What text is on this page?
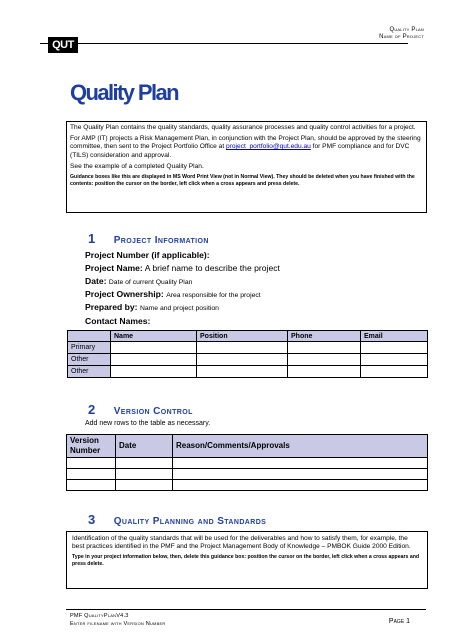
Quality Plan
Name of Project
QUT
Quality Plan

The Quality Plan contains the quality standards, quality assurance processes and quality control activities for a project.

For AMP (IT) projects a Risk Management Plan, in conjunction with the Project Plan, should be approved by the steering committee, then sent to the Project Portfolio Office at project_portfolio@qut.edu.au for PMF compliance and for DVC (TILS) consideration and approval.

See the example of a completed Quality Plan.

Guidance boxes like this are displayed in MS Word Print View (not in Normal View). They should be deleted when you have finished with the contents: position the cursor on the border, left click when a cross appears and press delete.

1 Project Information
Project Number (if applicable):
Project Name: A brief name to describe the project
Date: Date of current Quality Plan
Project Ownership: Area responsible for the project
Prepared by: Name and project position
Contact Names:
	Name	Position	Phone	Email
Primary				
Other				
Other				
2 Version Control
Add new rows to the table as necessary.
Version
Number	Date	Reason/Comments/Approvals

3 Quality Planning and Standards

Identification of the quality standards that will be used for the deliverables and how to satisfy them, for example, the best practices identified in the PMF and the Project Management Body of Knowledge – PMBOK Guide 2000 Edition.

Type in your project information below, then, delete this guidance box: position the cursor on the border, left click when a cross appears and press delete.

PMF QualityPlanV4.3
Enter filename with Version Number	Page 1
